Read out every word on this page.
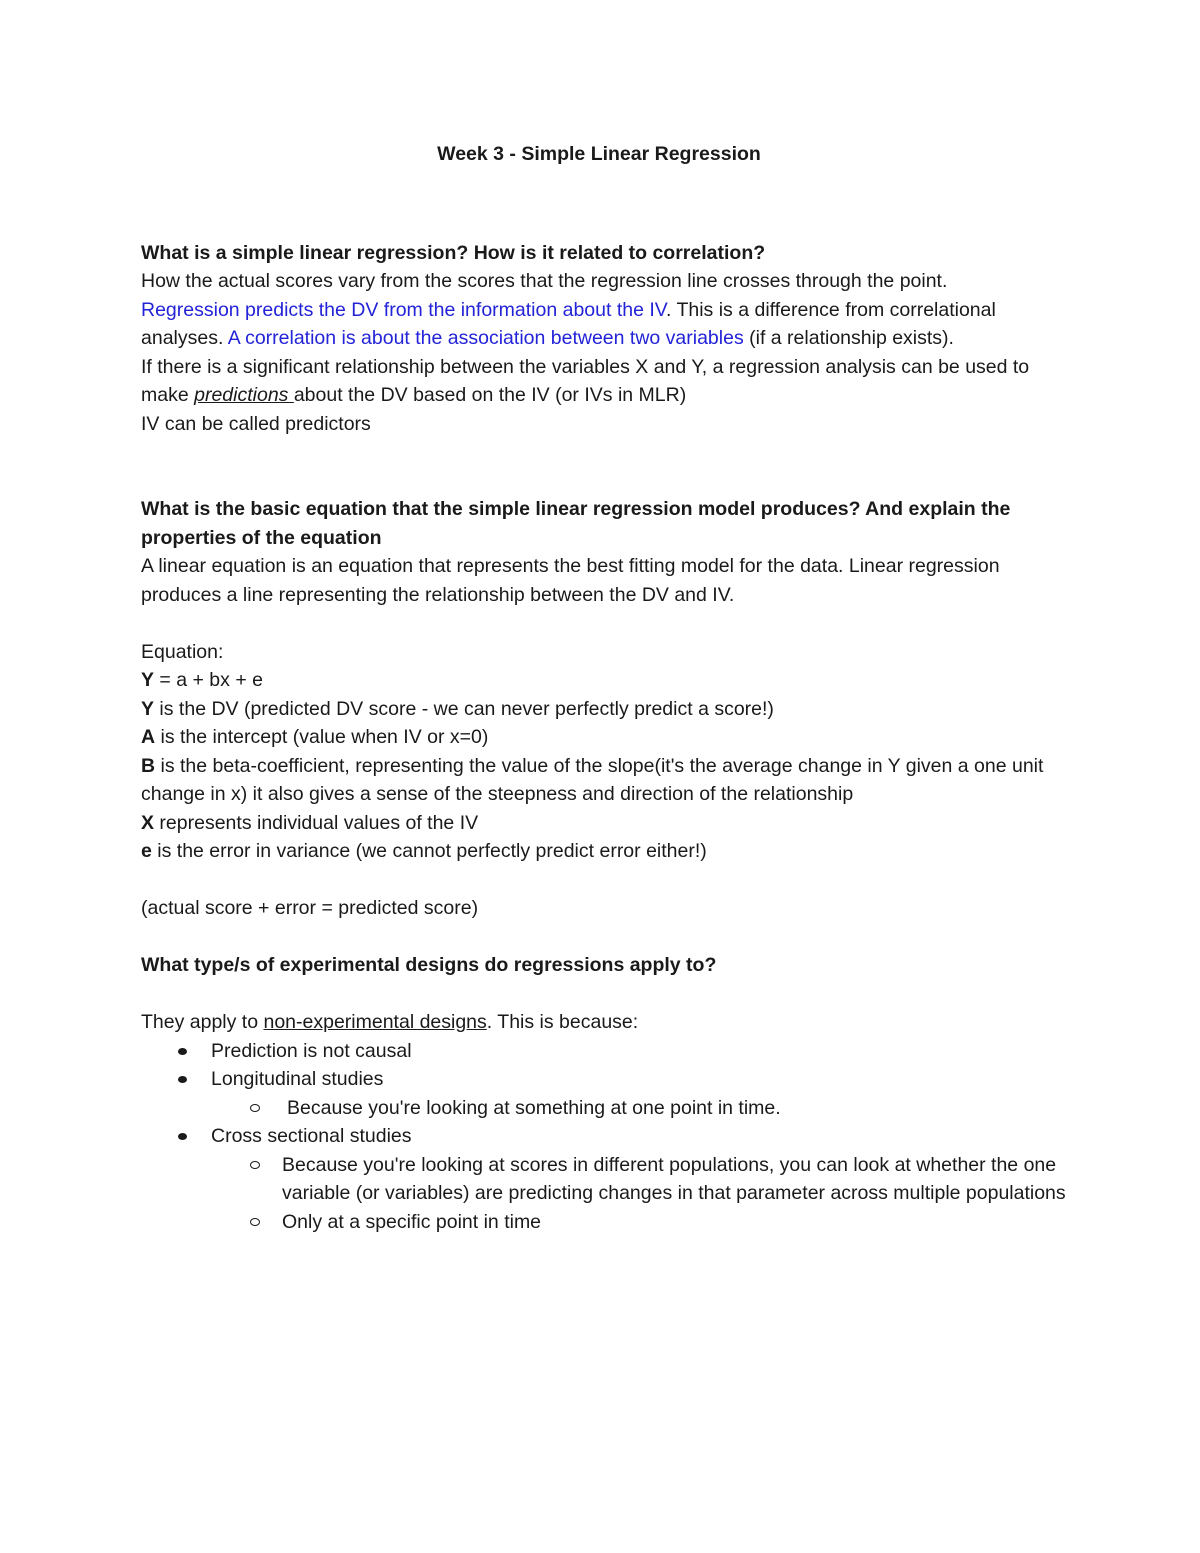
Week 3 - Simple Linear Regression

What is a simple linear regression? How is it related to correlation?

How the actual scores vary from the scores that the regression line crosses through the point.

Regression predicts the DV from the information about the IV. This is a difference from correlational analyses. A correlation is about the association between two variables (if a relationship exists).

If there is a significant relationship between the variables X and Y, a regression analysis can be used to make predictions about the DV based on the IV (or IVs in MLR)

IV can be called predictors

What is the basic equation that the simple linear regression model produces? And explain the properties of the equation

A linear equation is an equation that represents the best fitting model for the data. Linear regression produces a line representing the relationship between the DV and IV.

Equation:

Y = a + bx + e

Y is the DV (predicted DV score - we can never perfectly predict a score!)

A is the intercept (value when IV or x=0)

B is the beta-coefficient, representing the value of the slope(it's the average change in Y given a one unit change in x) it also gives a sense of the steepness and direction of the relationship

X represents individual values of the IV

e is the error in variance (we cannot perfectly predict error either!)

(actual score + error = predicted score)

What type/s of experimental designs do regressions apply to?

They apply to non-experimental designs. This is because:

Prediction is not causal
Longitudinal studies
Because you're looking at something at one point in time.
Cross sectional studies
Because you're looking at scores in different populations, you can look at whether the one variable (or variables) are predicting changes in that parameter across multiple populations
Only at a specific point in time
